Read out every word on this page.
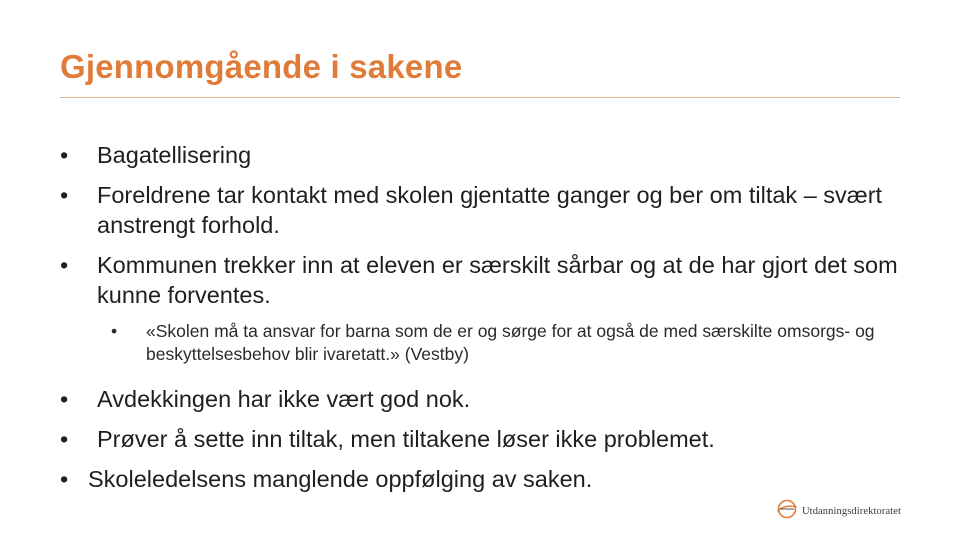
Gjennomgående i sakene
•	Bagatellisering
•	Foreldrene tar kontakt med skolen gjentatte ganger og ber om tiltak – svært anstrengt forhold.
•	Kommunen trekker inn at eleven er særskilt sårbar og at de har gjort det som kunne forventes.
• «Skolen må ta ansvar for barna som de er og sørge for at også de med særskilte omsorgs- og beskyttelsesbehov blir ivaretatt.» (Vestby)
•	Avdekkingen har ikke vært god nok.
•	Prøver å sette inn tiltak, men tiltakene løser ikke problemet.
• Skoleledelsens manglende oppfølging av saken.
Utdanningsdirektoratet
